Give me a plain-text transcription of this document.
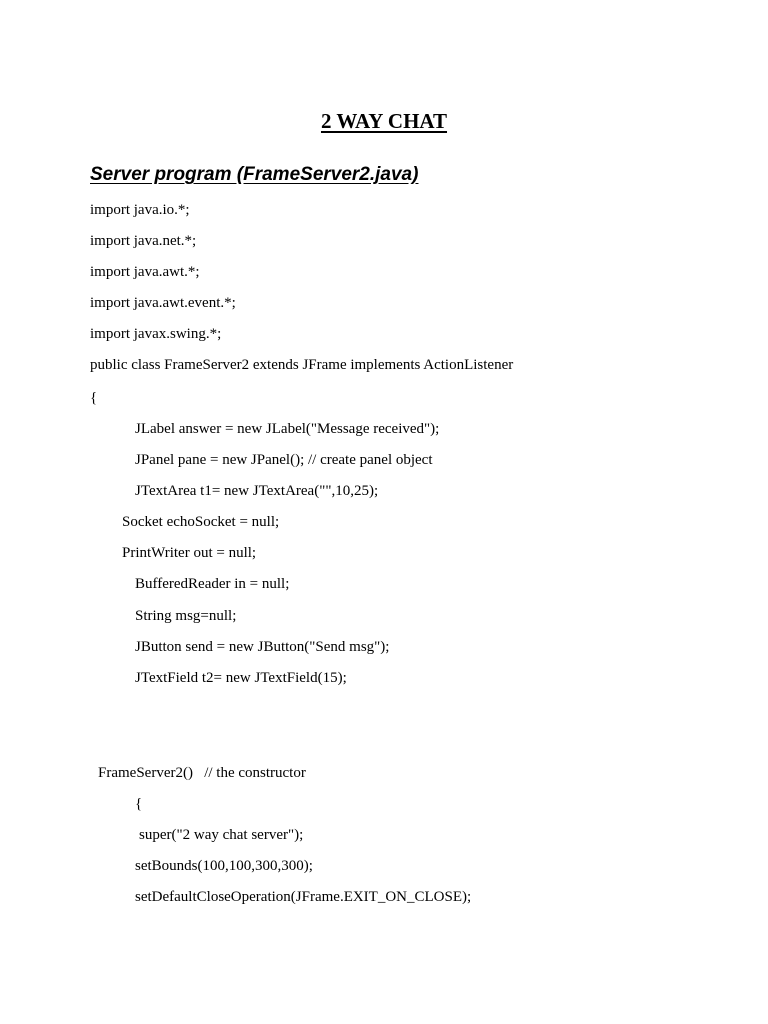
2 WAY CHAT
Server program (FrameServer2.java)

import java.io.*;

import java.net.*;

import java.awt.*;

import java.awt.event.*;

import javax.swing.*;

public class FrameServer2 extends JFrame implements ActionListener

{

JLabel answer = new JLabel("Message received");

JPanel pane = new JPanel(); // create panel object

JTextArea t1= new JTextArea("",10,25);

Socket echoSocket = null;

PrintWriter out = null;

BufferedReader in = null;

String msg=null;

JButton send = new JButton("Send msg");

JTextField t2= new JTextField(15);

FrameServer2()   // the constructor

{

super("2 way chat server");

setBounds(100,100,300,300);

setDefaultCloseOperation(JFrame.EXIT_ON_CLOSE);
